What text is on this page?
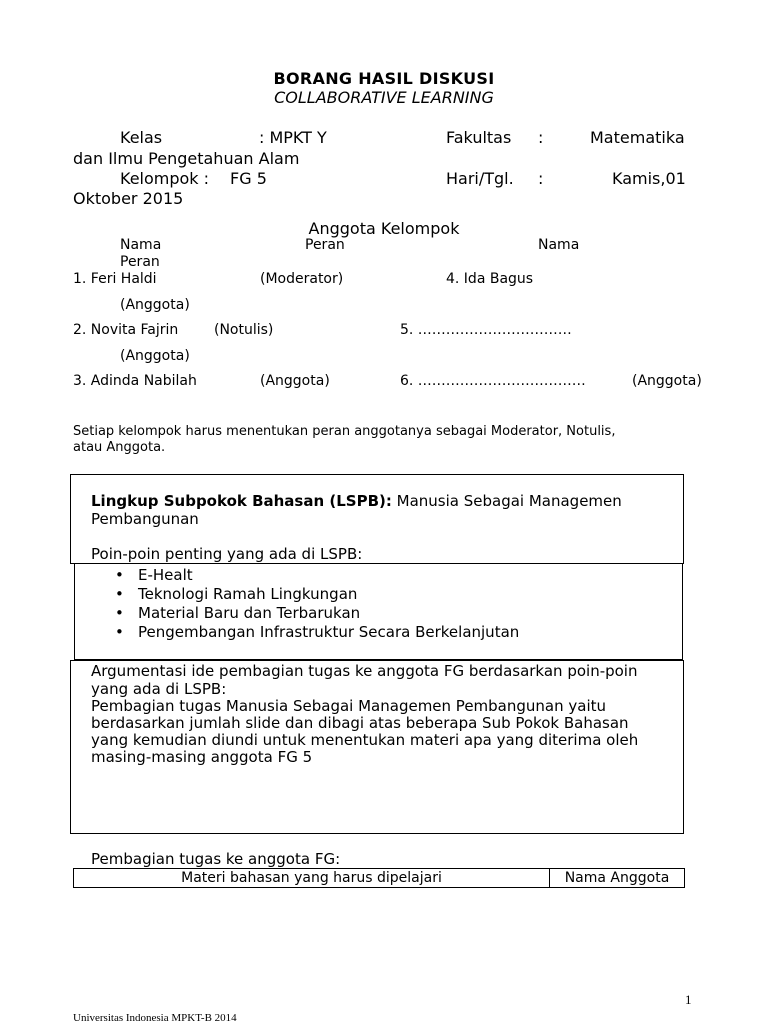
BORANG HASIL DISKUSI
COLLABORATIVE LEARNING
Kelas	: MPKT Y	Fakultas :	Matematika
dan Ilmu Pengetahuan Alam
Kelompok : FG 5	Hari/Tgl. :	Kamis,01
Oktober 2015
Anggota Kelompok
Nama	Peran	Nama
Peran
1. Feri Haldi	(Moderator)	4. Ida Bagus
(Anggota)
2. Novita Fajrin	(Notulis)	5. ……………………………
(Anggota)
3. Adinda Nabilah	(Anggota)	6. ………………………………	(Anggota)
Setiap kelompok harus menentukan peran anggotanya sebagai Moderator, Notulis,
atau Anggota.
Lingkup Subpokok Bahasan (LSPB): Manusia Sebagai Managemen
Pembangunan
Poin-poin penting yang ada di LSPB:
• E-Healt
• Teknologi Ramah Lingkungan
• Material Baru dan Terbarukan
• Pengembangan Infrastruktur Secara Berkelanjutan
Argumentasi ide pembagian tugas ke anggota FG berdasarkan poin-poin
yang ada di LSPB:
Pembagian tugas Manusia Sebagai Managemen Pembangunan yaitu
berdasarkan jumlah slide dan dibagi atas beberapa Sub Pokok Bahasan
yang kemudian diundi untuk menentukan materi apa yang diterima oleh
masing-masing anggota FG 5
Pembagian tugas ke anggota FG:
Materi bahasan yang harus dipelajari	Nama Anggota
1
Universitas Indonesia MPKT-B 2014
